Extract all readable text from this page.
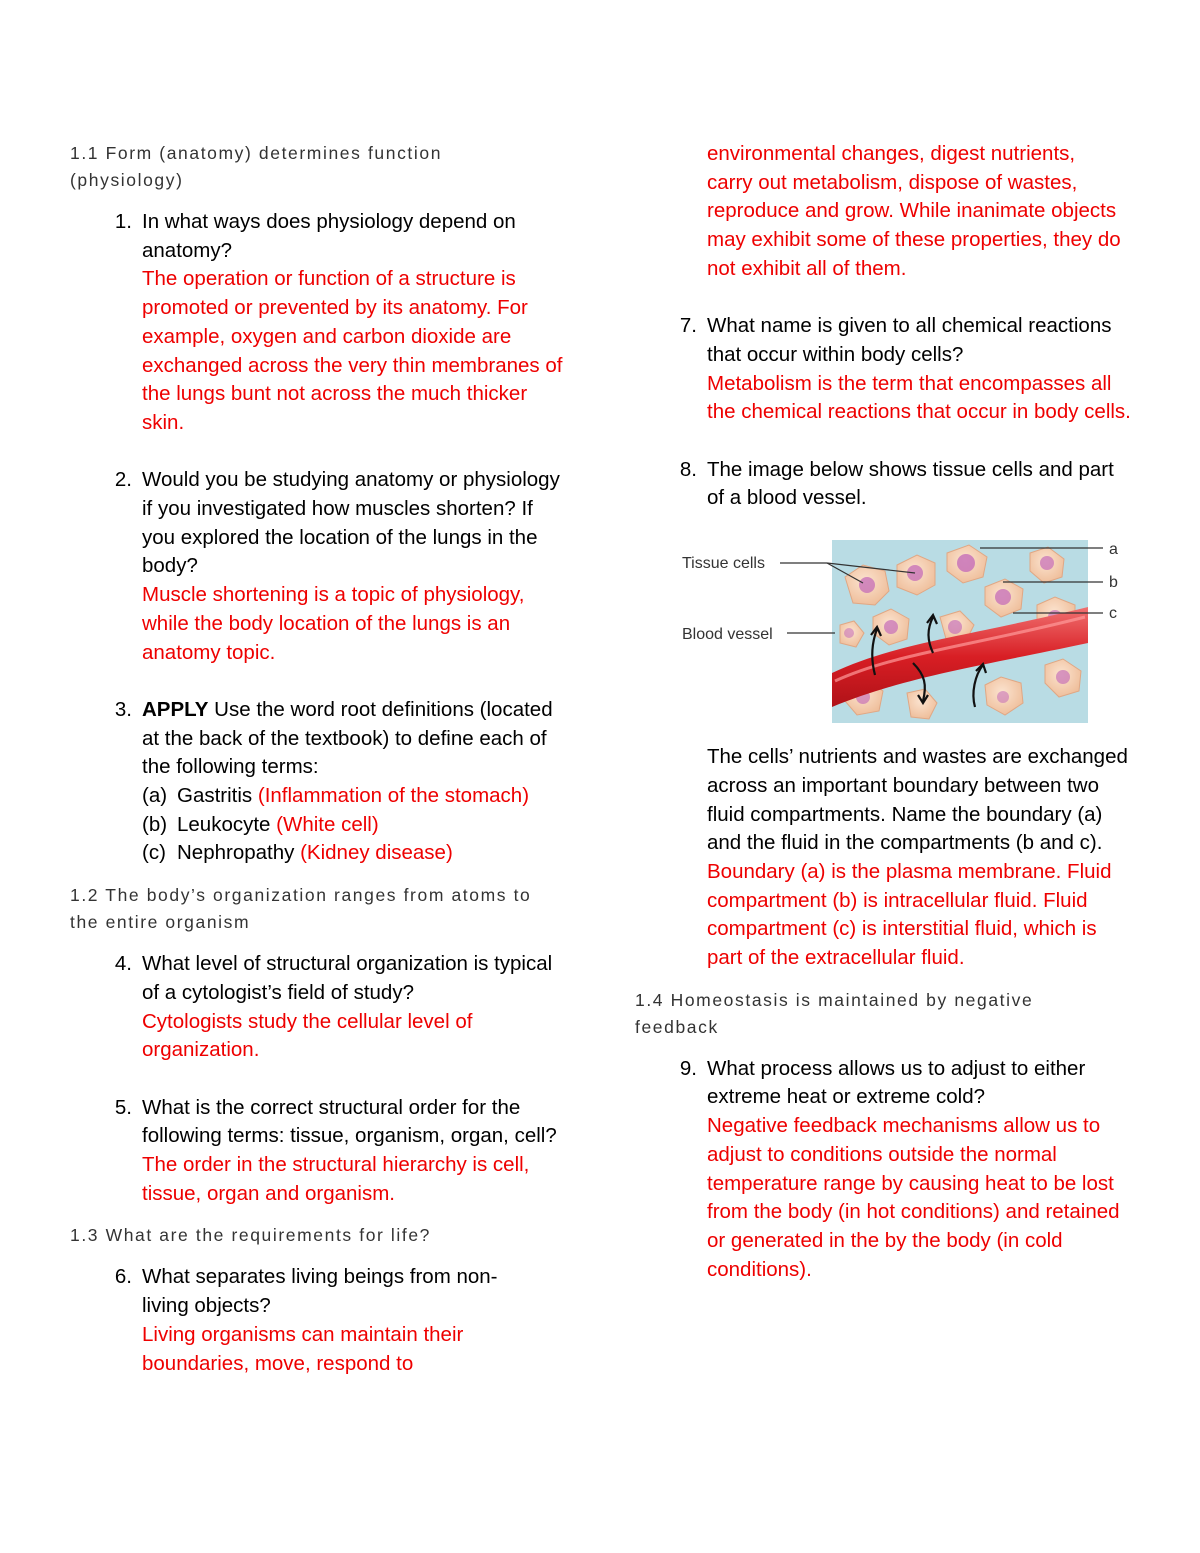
1.1 Form (anatomy) determines function (physiology)
1. In what ways does physiology depend on anatomy?
The operation or function of a structure is promoted or prevented by its anatomy. For example, oxygen and carbon dioxide are exchanged across the very thin membranes of the lungs bunt not across the much thicker skin.
2. Would you be studying anatomy or physiology if you investigated how muscles shorten? If you explored the location of the lungs in the body?
Muscle shortening is a topic of physiology, while the body location of the lungs is an anatomy topic.
3. APPLY Use the word root definitions (located at the back of the textbook) to define each of the following terms:
(a) Gastritis (Inflammation of the stomach)
(b) Leukocyte (White cell)
(c) Nephropathy (Kidney disease)
1.2 The body’s organization ranges from atoms to the entire organism
4. What level of structural organization is typical of a cytologist’s field of study?
Cytologists study the cellular level of organization.
5. What is the correct structural order for the following terms: tissue, organism, organ, cell?
The order in the structural hierarchy is cell, tissue, organ and organism.
1.3 What are the requirements for life?
6. What separates living beings from non-living objects?
Living organisms can maintain their boundaries, move, respond to
environmental changes, digest nutrients, carry out metabolism, dispose of wastes, reproduce and grow. While inanimate objects may exhibit some of these properties, they do not exhibit all of them.
7. What name is given to all chemical reactions that occur within body cells?
Metabolism is the term that encompasses all the chemical reactions that occur in body cells.
8. The image below shows tissue cells and part of a blood vessel.
Tissue cells
Blood vessel
a
b
c
The cells’ nutrients and wastes are exchanged across an important boundary between two fluid compartments. Name the boundary (a) and the fluid in the compartments (b and c).
Boundary (a) is the plasma membrane. Fluid compartment (b) is intracellular fluid. Fluid compartment (c) is interstitial fluid, which is part of the extracellular fluid.
1.4 Homeostasis is maintained by negative feedback
9. What process allows us to adjust to either extreme heat or extreme cold?
Negative feedback mechanisms allow us to adjust to conditions outside the normal temperature range by causing heat to be lost from the body (in hot conditions) and retained or generated in the by the body (in cold conditions).
